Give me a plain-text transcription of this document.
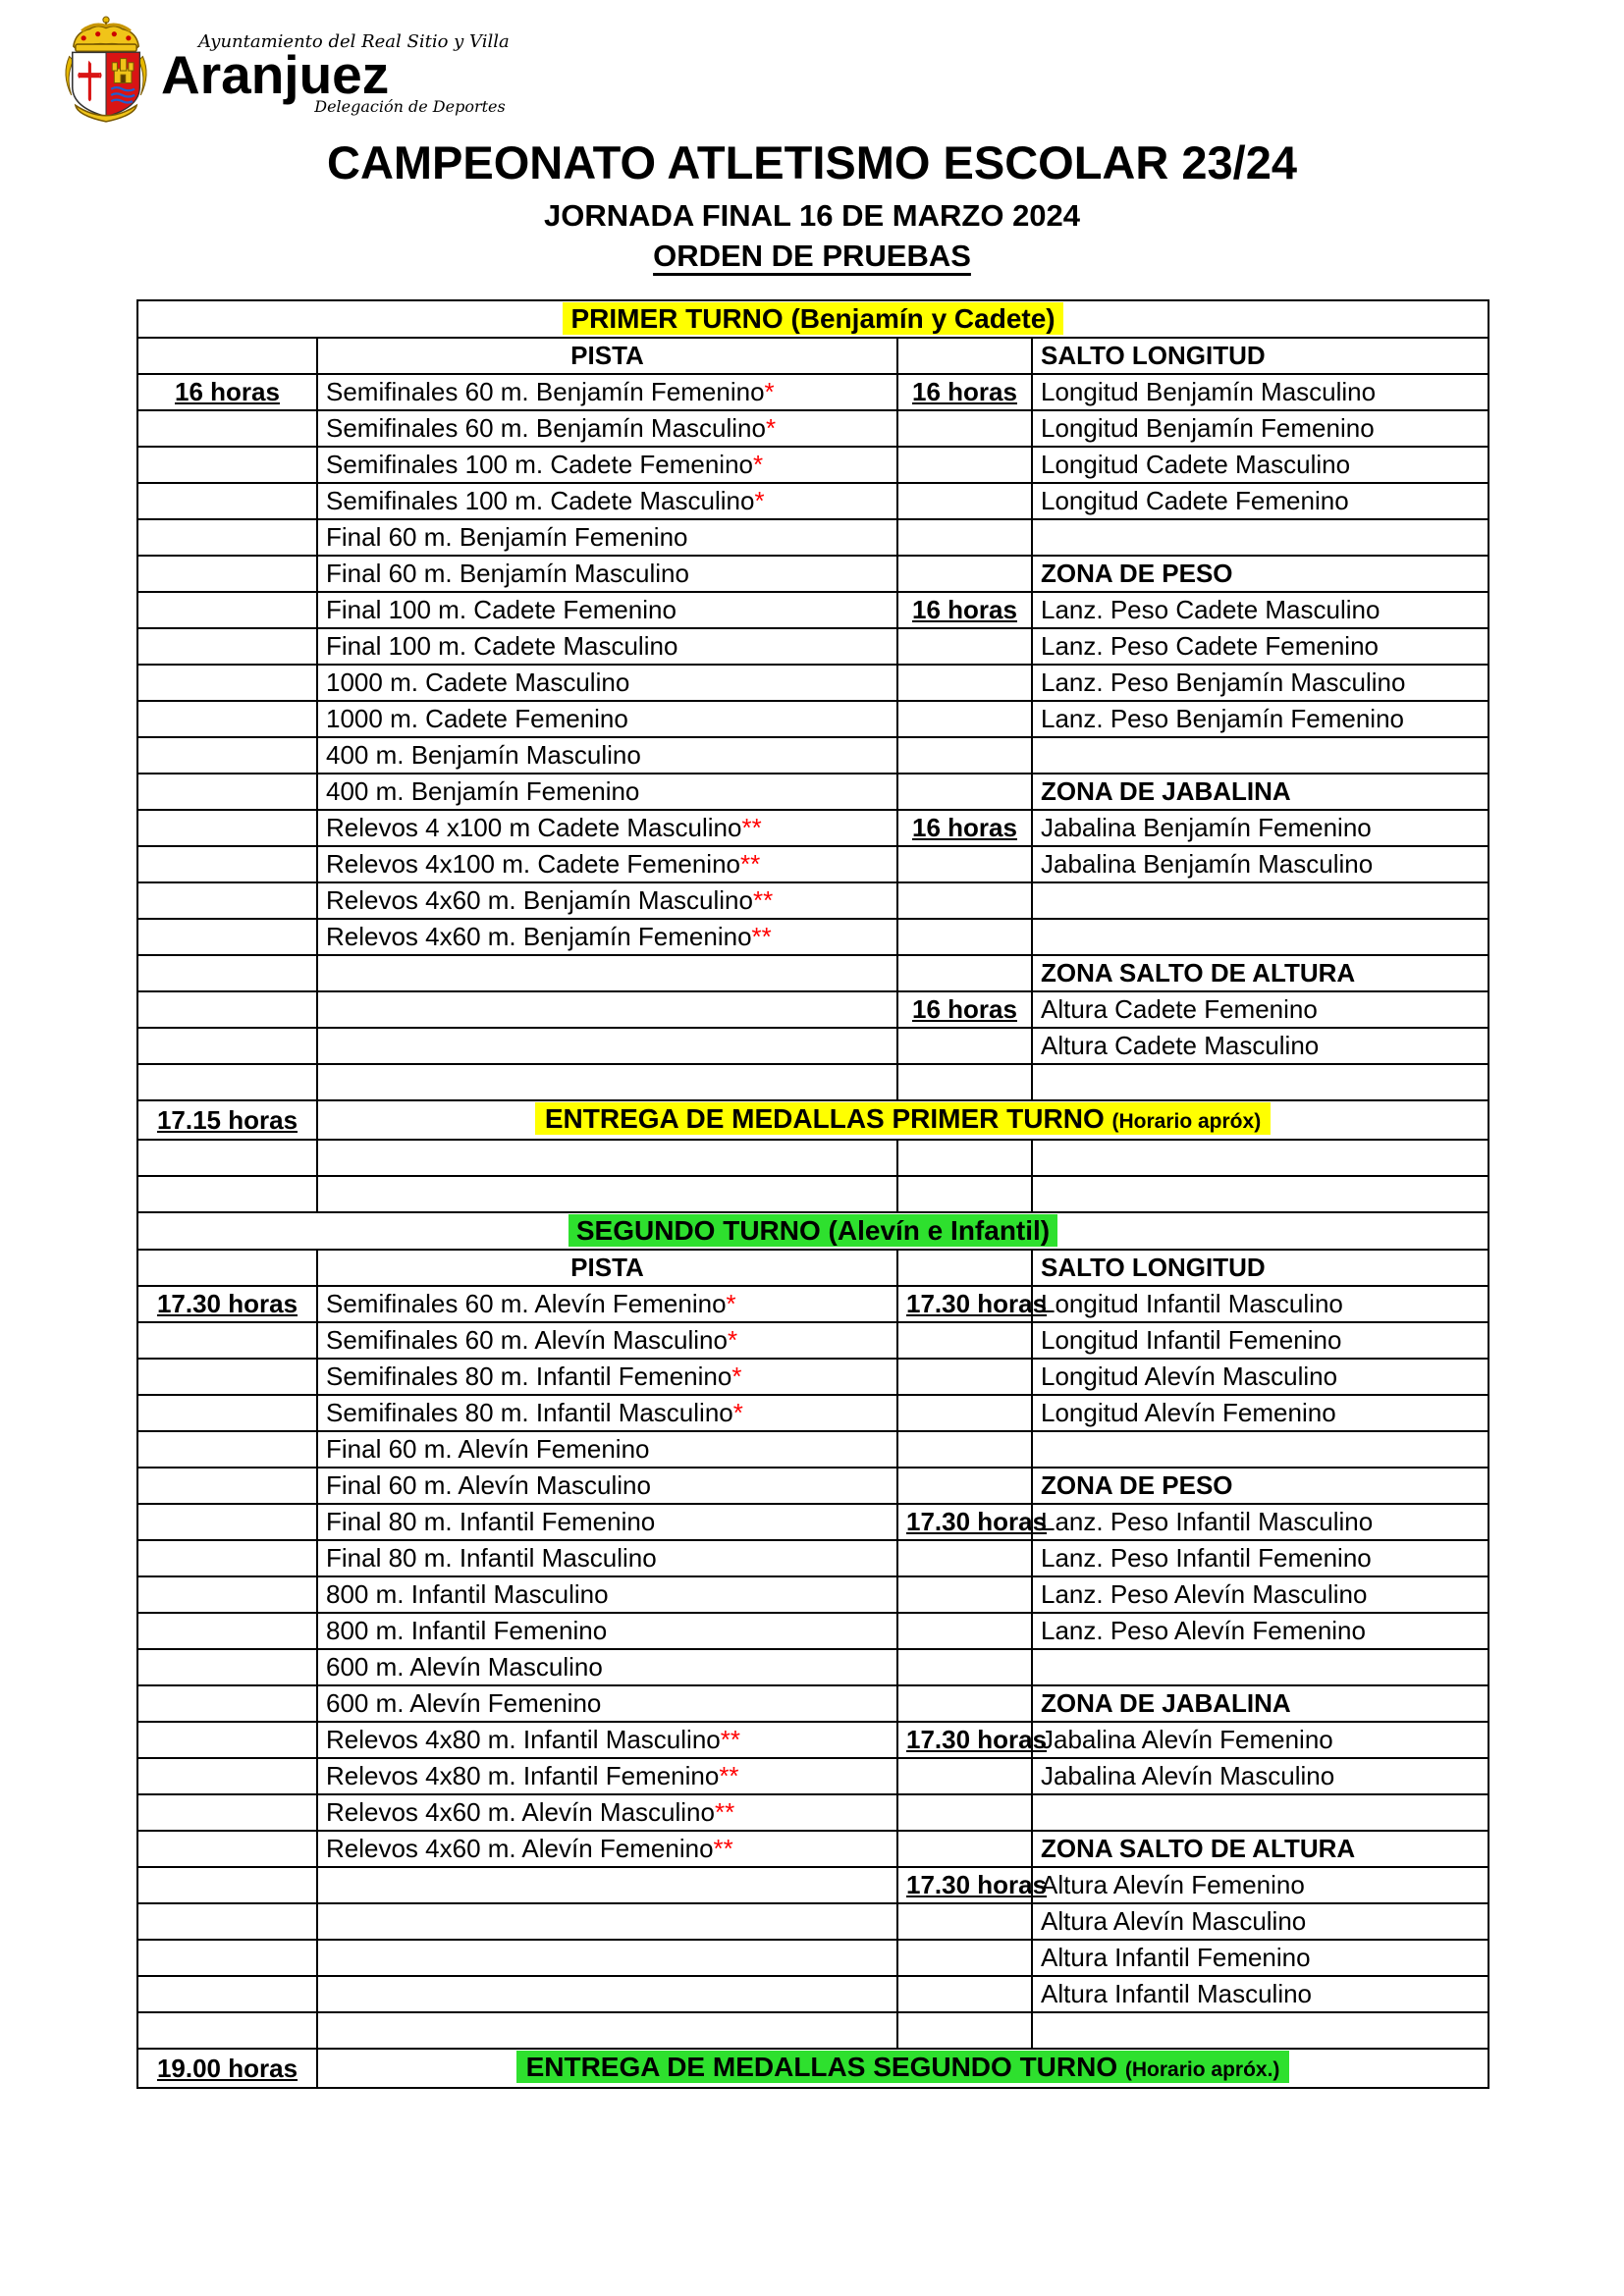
Ayuntamiento del Real Sitio y Villa
Aranjuez
Delegación de Deportes
CAMPEONATO ATLETISMO ESCOLAR 23/24
JORNADA FINAL 16 DE MARZO 2024
ORDEN DE PRUEBAS
PRIMER TURNO (Benjamín y Cadete)			
	PISTA		SALTO LONGITUD
16 horas	Semifinales 60 m. Benjamín Femenino*	16 horas	Longitud Benjamín Masculino
	Semifinales 60 m. Benjamín Masculino*		Longitud Benjamín Femenino
	Semifinales 100 m. Cadete Femenino*		Longitud Cadete Masculino
	Semifinales 100 m. Cadete Masculino*		Longitud Cadete Femenino
	Final 60 m. Benjamín Femenino		
	Final 60 m. Benjamín Masculino		ZONA DE PESO
	Final 100 m. Cadete Femenino	16 horas	Lanz. Peso Cadete Masculino
	Final 100 m. Cadete Masculino		Lanz. Peso Cadete Femenino
	1000 m. Cadete Masculino		Lanz. Peso Benjamín Masculino
	1000 m. Cadete Femenino		Lanz. Peso Benjamín Femenino
	400 m. Benjamín Masculino		
	400 m. Benjamín Femenino		ZONA DE JABALINA
	Relevos 4 x100 m Cadete Masculino**	16 horas	Jabalina Benjamín Femenino
	Relevos 4x100 m. Cadete Femenino**		Jabalina Benjamín Masculino
	Relevos 4x60 m. Benjamín Masculino**		
	Relevos 4x60 m. Benjamín Femenino**		
			ZONA SALTO DE ALTURA
		16 horas	Altura Cadete Femenino
			Altura Cadete Masculino

17.15 horas	ENTREGA DE MEDALLAS PRIMER TURNO (Horario apróx)		

SEGUNDO TURNO (Alevín e Infantil)			
	PISTA		SALTO LONGITUD
17.30 horas	Semifinales 60 m. Alevín Femenino*	17.30 horas	Longitud Infantil Masculino
	Semifinales 60 m. Alevín Masculino*		Longitud Infantil Femenino
	Semifinales 80 m. Infantil Femenino*		Longitud Alevín Masculino
	Semifinales 80 m. Infantil Masculino*		Longitud Alevín Femenino
	Final 60 m. Alevín Femenino		
	Final 60 m. Alevín Masculino		ZONA DE PESO
	Final 80 m. Infantil Femenino	17.30 horas	Lanz. Peso Infantil Masculino
	Final 80 m. Infantil Masculino		Lanz. Peso Infantil Femenino
	800 m. Infantil Masculino		Lanz. Peso Alevín Masculino
	800 m. Infantil Femenino		Lanz. Peso Alevín Femenino
	600 m. Alevín Masculino		
	600 m. Alevín Femenino		ZONA DE JABALINA
	Relevos 4x80 m. Infantil Masculino**	17.30 horas	Jabalina Alevín Femenino
	Relevos 4x80 m. Infantil Femenino**		Jabalina Alevín Masculino
	Relevos 4x60 m. Alevín Masculino**		
	Relevos 4x60 m. Alevín Femenino**		ZONA SALTO DE ALTURA
		17.30 horas	Altura Alevín Femenino
			Altura Alevín Masculino
			Altura Infantil Femenino
			Altura Infantil Masculino

19.00 horas	ENTREGA DE MEDALLAS SEGUNDO TURNO (Horario apróx.)		
